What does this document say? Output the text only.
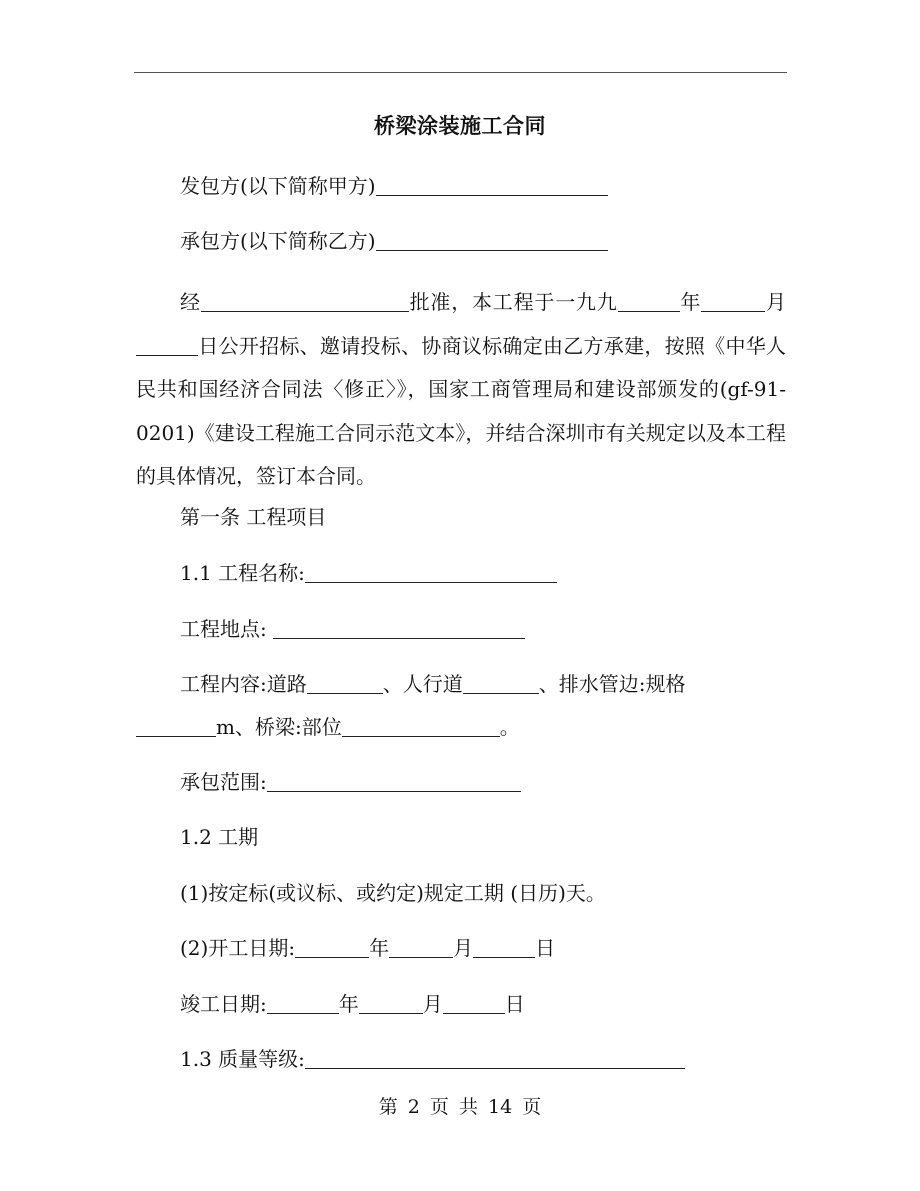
桥梁涂装施工合同
发包方(以下简称甲方)
承包方(以下简称乙方)
经	批准，本工程于一九九	年	月日公开招标、邀请投标、协商议标确定由乙方承建，按照《中华人民共和国经济合同法〈修正〉》，国家工商管理局和建设部颁发的(gf-91-0201)《建设工程施工合同示范文本》，并结合深圳市有关规定以及本工程的具体情况，签订本合同。
第一条 工程项目
1.1 工程名称:
工程地点:
工程内容:道路	、人行道	、排水管边:规格
m、桥梁:部位	。
承包范围:
1.2 工期
(1)按定标(或议标、或约定)规定工期 (日历)天。
(2)开工日期:	年	月	日
竣工日期:	年	月	日
1.3 质量等级:
第 2 页 共 14 页
